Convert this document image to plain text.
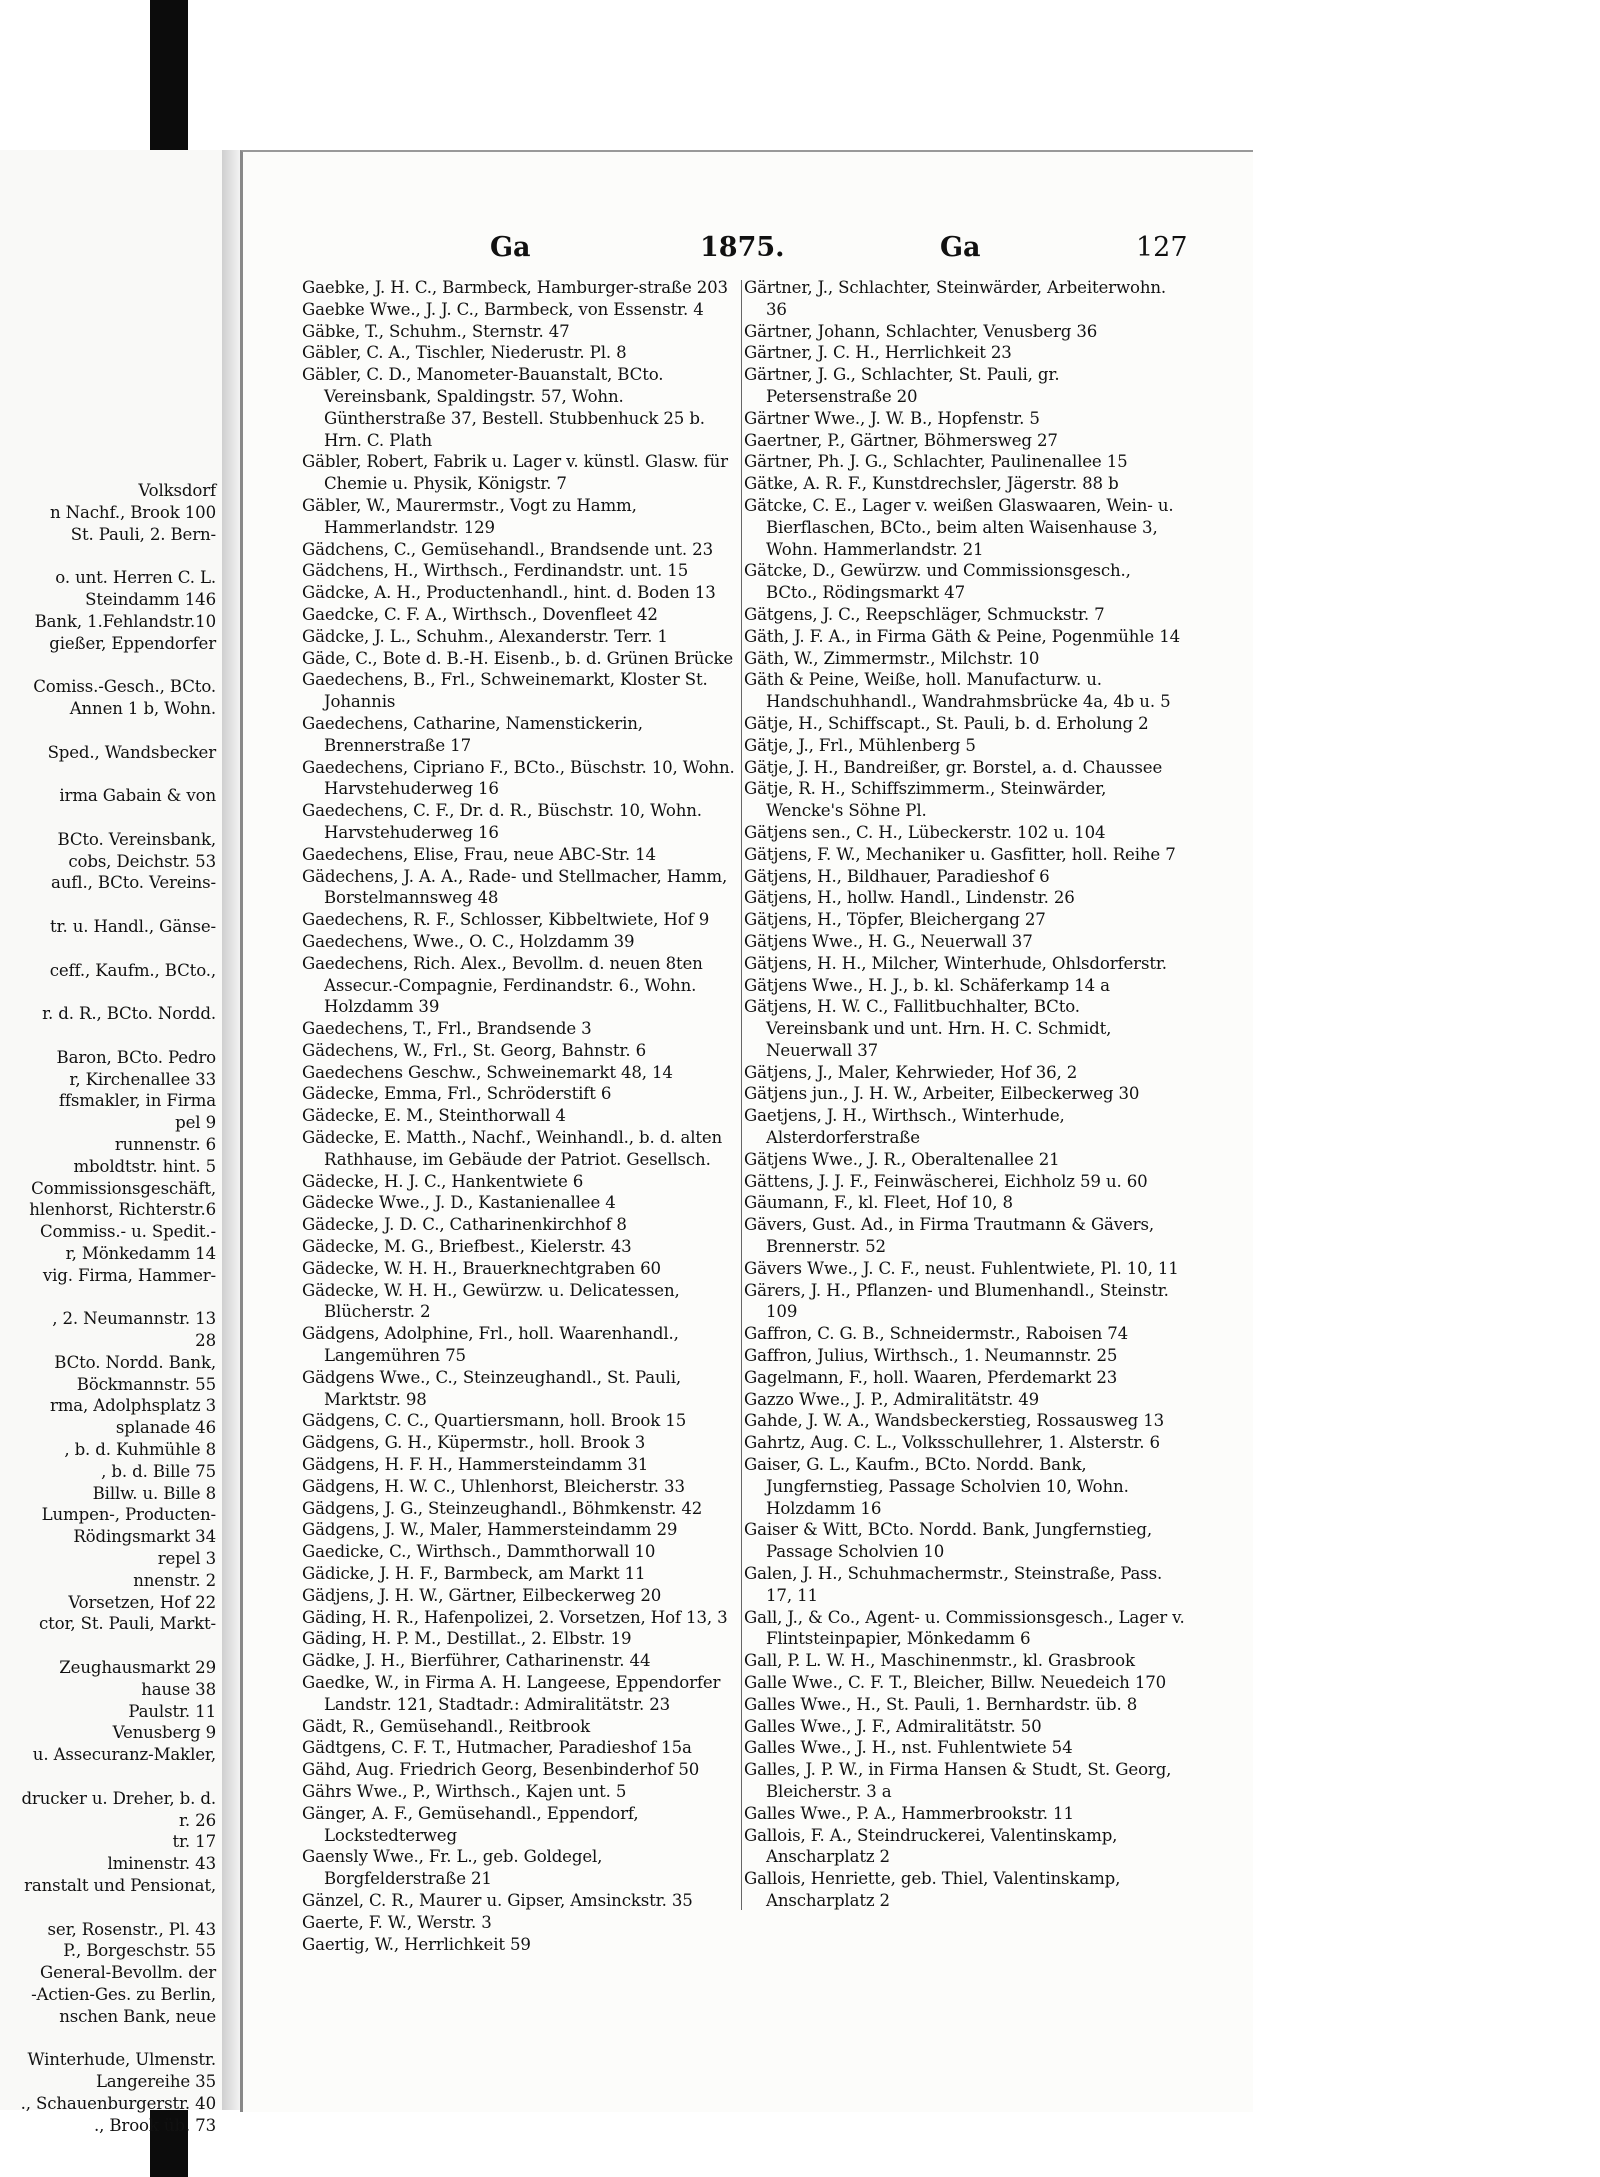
Volksdorf
n Nachf., Brook 100
St. Pauli, 2. Bern-
o. unt. Herren C. L.
Steindamm 146
Bank, 1.Fehlandstr.10
gießer, Eppendorfer
Comiss.-Gesch., BCto.
Annen 1 b, Wohn.
Sped., Wandsbecker
irma Gabain & von
BCto. Vereinsbank,
cobs, Deichstr. 53
aufl., BCto. Vereins-
tr. u. Handl., Gänse-
ceff., Kaufm., BCto.,
r. d. R., BCto. Nordd.
Baron, BCto. Pedro
r, Kirchenallee 33
ffsmakler, in Firma
pel 9
runnenstr. 6
mboldtstr. hint. 5
Commissionsgeschäft,
hlenhorst, Richterstr.6
Commiss.- u. Spedit.-
r, Mönkedamm 14
vig. Firma, Hammer-
, 2. Neumannstr. 13
28
BCto. Nordd. Bank,
Böckmannstr. 55
rma, Adolphsplatz 3
splanade 46
, b. d. Kuhmühle 8
, b. d. Bille 75
Billw. u. Bille 8
Lumpen-, Producten-
Rödingsmarkt 34
repel 3
nnenstr. 2
Vorsetzen, Hof 22
ctor, St. Pauli, Markt-
Zeughausmarkt 29
hause 38
Paulstr. 11
Venusberg 9
u. Assecuranz-Makler,
drucker u. Dreher, b. d.
r. 26
tr. 17
lminenstr. 43
ranstalt und Pensionat,
ser, Rosenstr., Pl. 43
P., Borgeschstr. 55
General-Bevollm. der
-Actien-Ges. zu Berlin,
nschen Bank, neue
Winterhude, Ulmenstr.
Langereihe 35
., Schauenburgerstr. 40
., Brook üb. 73
Ga	1875.	Ga	127
Gaebke, J. H. C., Barmbeck, Hamburger-straße 203
Gaebke Wwe., J. J. C., Barmbeck, von Essenstr. 4
Gäbke, T., Schuhm., Sternstr. 47
Gäbler, C. A., Tischler, Niederustr. Pl. 8
Gäbler, C. D., Manometer-Bauanstalt, BCto. Vereinsbank, Spaldingstr. 57, Wohn. Güntherstraße 37, Bestell. Stubbenhuck 25 b. Hrn. C. Plath
Gäbler, Robert, Fabrik u. Lager v. künstl. Glasw. für Chemie u. Physik, Königstr. 7
Gäbler, W., Maurermstr., Vogt zu Hamm, Hammerlandstr. 129
Gädchens, C., Gemüsehandl., Brandsende unt. 23
Gädchens, H., Wirthsch., Ferdinandstr. unt. 15
Gädcke, A. H., Productenhandl., hint. d. Boden 13
Gaedcke, C. F. A., Wirthsch., Dovenfleet 42
Gädcke, J. L., Schuhm., Alexanderstr. Terr. 1
Gäde, C., Bote d. B.-H. Eisenb., b. d. Grünen Brücke
Gaedechens, B., Frl., Schweinemarkt, Kloster St. Johannis
Gaedechens, Catharine, Namenstickerin, Brennerstraße 17
Gaedechens, Cipriano F., BCto., Büschstr. 10, Wohn. Harvstehuderweg 16
Gaedechens, C. F., Dr. d. R., Büschstr. 10, Wohn. Harvstehuderweg 16
Gaedechens, Elise, Frau, neue ABC-Str. 14
Gädechens, J. A. A., Rade- und Stellmacher, Hamm, Borstelmannsweg 48
Gaedechens, R. F., Schlosser, Kibbeltwiete, Hof 9
Gaedechens, Wwe., O. C., Holzdamm 39
Gaedechens, Rich. Alex., Bevollm. d. neuen 8ten Assecur.-Compagnie, Ferdinandstr. 6., Wohn. Holzdamm 39
Gaedechens, T., Frl., Brandsende 3
Gädechens, W., Frl., St. Georg, Bahnstr. 6
Gaedechens Geschw., Schweinemarkt 48, 14
Gädecke, Emma, Frl., Schröderstift 6
Gädecke, E. M., Steinthorwall 4
Gädecke, E. Matth., Nachf., Weinhandl., b. d. alten Rathhause, im Gebäude der Patriot. Gesellsch.
Gädecke, H. J. C., Hankentwiete 6
Gädecke Wwe., J. D., Kastanienallee 4
Gädecke, J. D. C., Catharinenkirchhof 8
Gädecke, M. G., Briefbest., Kielerstr. 43
Gädecke, W. H. H., Brauerknechtgraben 60
Gädecke, W. H. H., Gewürzw. u. Delicatessen, Blücherstr. 2
Gädgens, Adolphine, Frl., holl. Waarenhandl., Langemühren 75
Gädgens Wwe., C., Steinzeughandl., St. Pauli, Marktstr. 98
Gädgens, C. C., Quartiersmann, holl. Brook 15
Gädgens, G. H., Küpermstr., holl. Brook 3
Gädgens, H. F. H., Hammersteindamm 31
Gädgens, H. W. C., Uhlenhorst, Bleicherstr. 33
Gädgens, J. G., Steinzeughandl., Böhmkenstr. 42
Gädgens, J. W., Maler, Hammersteindamm 29
Gaedicke, C., Wirthsch., Dammthorwall 10
Gädicke, J. H. F., Barmbeck, am Markt 11
Gädjens, J. H. W., Gärtner, Eilbeckerweg 20
Gäding, H. R., Hafenpolizei, 2. Vorsetzen, Hof 13, 3
Gäding, H. P. M., Destillat., 2. Elbstr. 19
Gädke, J. H., Bierführer, Catharinenstr. 44
Gaedke, W., in Firma A. H. Langeese, Eppendorfer Landstr. 121, Stadtadr.: Admiralitätstr. 23
Gädt, R., Gemüsehandl., Reitbrook
Gädtgens, C. F. T., Hutmacher, Paradieshof 15a
Gähd, Aug. Friedrich Georg, Besenbinderhof 50
Gährs Wwe., P., Wirthsch., Kajen unt. 5
Gänger, A. F., Gemüsehandl., Eppendorf, Lockstedterweg
Gaensly Wwe., Fr. L., geb. Goldegel, Borgfelderstraße 21
Gänzel, C. R., Maurer u. Gipser, Amsinckstr. 35
Gaerte, F. W., Werstr. 3
Gaertig, W., Herrlichkeit 59
Gärtner, J., Schlachter, Steinwärder, Arbeiterwohn. 36
Gärtner, Johann, Schlachter, Venusberg 36
Gärtner, J. C. H., Herrlichkeit 23
Gärtner, J. G., Schlachter, St. Pauli, gr. Petersenstraße 20
Gärtner Wwe., J. W. B., Hopfenstr. 5
Gaertner, P., Gärtner, Böhmersweg 27
Gärtner, Ph. J. G., Schlachter, Paulinenallee 15
Gätke, A. R. F., Kunstdrechsler, Jägerstr. 88 b
Gätcke, C. E., Lager v. weißen Glaswaaren, Wein- u. Bierflaschen, BCto., beim alten Waisenhause 3, Wohn. Hammerlandstr. 21
Gätcke, D., Gewürzw. und Commissionsgesch., BCto., Rödingsmarkt 47
Gätgens, J. C., Reepschläger, Schmuckstr. 7
Gäth, J. F. A., in Firma Gäth & Peine, Pogenmühle 14
Gäth, W., Zimmermstr., Milchstr. 10
Gäth & Peine, Weiße, holl. Manufacturw. u. Handschuhhandl., Wandrahmsbrücke 4a, 4b u. 5
Gätje, H., Schiffscapt., St. Pauli, b. d. Erholung 2
Gätje, J., Frl., Mühlenberg 5
Gätje, J. H., Bandreißer, gr. Borstel, a. d. Chaussee
Gätje, R. H., Schiffszimmerm., Steinwärder, Wencke's Söhne Pl.
Gätjens sen., C. H., Lübeckerstr. 102 u. 104
Gätjens, F. W., Mechaniker u. Gasfitter, holl. Reihe 7
Gätjens, H., Bildhauer, Paradieshof 6
Gätjens, H., hollw. Handl., Lindenstr. 26
Gätjens, H., Töpfer, Bleichergang 27
Gätjens Wwe., H. G., Neuerwall 37
Gätjens, H. H., Milcher, Winterhude, Ohlsdorferstr.
Gätjens Wwe., H. J., b. kl. Schäferkamp 14 a
Gätjens, H. W. C., Fallitbuchhalter, BCto. Vereinsbank und unt. Hrn. H. C. Schmidt, Neuerwall 37
Gätjens, J., Maler, Kehrwieder, Hof 36, 2
Gätjens jun., J. H. W., Arbeiter, Eilbeckerweg 30
Gaetjens, J. H., Wirthsch., Winterhude, Alsterdorferstraße
Gätjens Wwe., J. R., Oberaltenallee 21
Gättens, J. J. F., Feinwäscherei, Eichholz 59 u. 60
Gäumann, F., kl. Fleet, Hof 10, 8
Gävers, Gust. Ad., in Firma Trautmann & Gävers, Brennerstr. 52
Gävers Wwe., J. C. F., neust. Fuhlentwiete, Pl. 10, 11
Gärers, J. H., Pflanzen- und Blumenhandl., Steinstr. 109
Gaffron, C. G. B., Schneidermstr., Raboisen 74
Gaffron, Julius, Wirthsch., 1. Neumannstr. 25
Gagelmann, F., holl. Waaren, Pferdemarkt 23
Gazzo Wwe., J. P., Admiralitätstr. 49
Gahde, J. W. A., Wandsbeckerstieg, Rossausweg 13
Gahrtz, Aug. C. L., Volksschullehrer, 1. Alsterstr. 6
Gaiser, G. L., Kaufm., BCto. Nordd. Bank, Jungfernstieg, Passage Scholvien 10, Wohn. Holzdamm 16
Gaiser & Witt, BCto. Nordd. Bank, Jungfernstieg, Passage Scholvien 10
Galen, J. H., Schuhmachermstr., Steinstraße, Pass. 17, 11
Gall, J., & Co., Agent- u. Commissionsgesch., Lager v. Flintsteinpapier, Mönkedamm 6
Gall, P. L. W. H., Maschinenmstr., kl. Grasbrook
Galle Wwe., C. F. T., Bleicher, Billw. Neuedeich 170
Galles Wwe., H., St. Pauli, 1. Bernhardstr. üb. 8
Galles Wwe., J. F., Admiralitätstr. 50
Galles Wwe., J. H., nst. Fuhlentwiete 54
Galles, J. P. W., in Firma Hansen & Studt, St. Georg, Bleicherstr. 3 a
Galles Wwe., P. A., Hammerbrookstr. 11
Gallois, F. A., Steindruckerei, Valentinskamp, Anscharplatz 2
Gallois, Henriette, geb. Thiel, Valentinskamp, Anscharplatz 2
